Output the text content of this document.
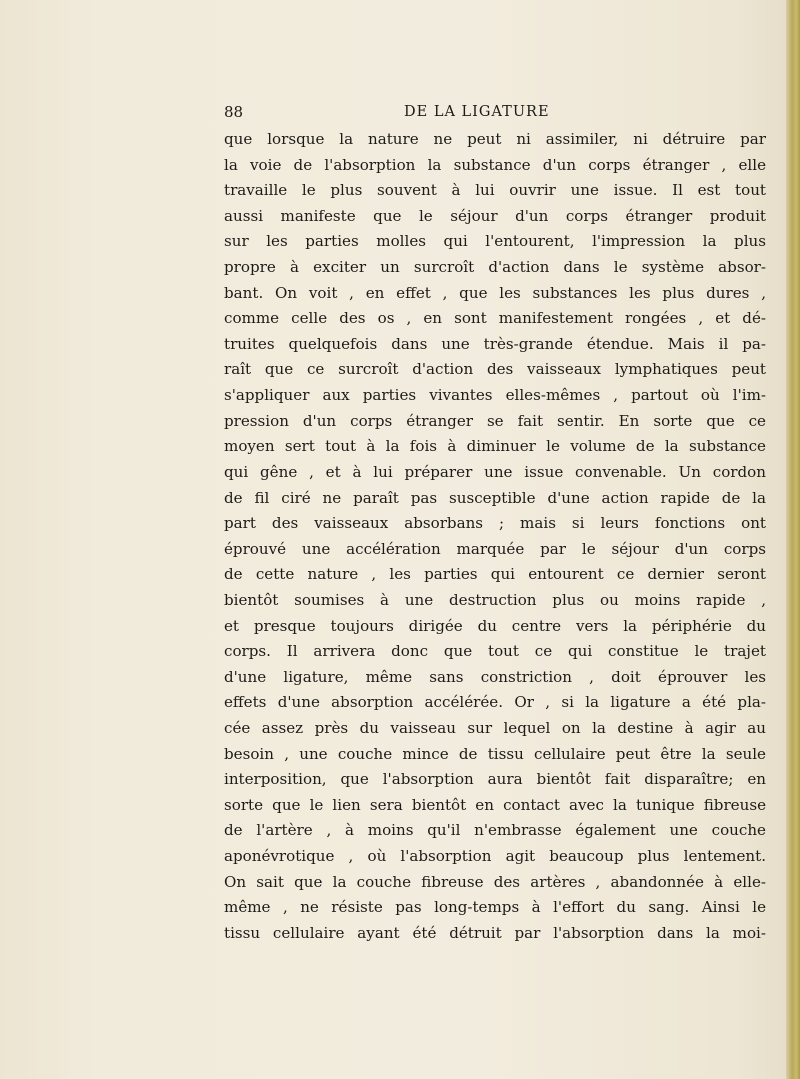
88	DE LA LIGATURE
que lorsque la nature ne peut ni assimiler, ni détruire par
la voie de l'absorption la substance d'un corps étranger , elle
travaille le plus souvent à lui ouvrir une issue. Il est tout
aussi manifeste que le séjour d'un corps étranger produit
sur les parties molles qui l'entourent, l'impression la plus
propre à exciter un surcroît d'action dans le système absor-
bant. On voit , en effet , que les substances les plus dures ,
comme celle des os , en sont manifestement rongées , et dé-
truites quelquefois dans une très-grande étendue. Mais il pa-
raît que ce surcroît d'action des vaisseaux lymphatiques peut
s'appliquer aux parties vivantes elles-mêmes , partout où l'im-
pression d'un corps étranger se fait sentir. En sorte que ce
moyen sert tout à la fois à diminuer le volume de la substance
qui gêne , et à lui préparer une issue convenable. Un cordon
de fil ciré ne paraît pas susceptible d'une action rapide de la
part des vaisseaux absorbans ; mais si leurs fonctions ont
éprouvé une accélération marquée par le séjour d'un corps
de cette nature , les parties qui entourent ce dernier seront
bientôt soumises à une destruction plus ou moins rapide ,
et presque toujours dirigée du centre vers la périphérie du
corps. Il arrivera donc que tout ce qui constitue le trajet
d'une ligature, même sans constriction , doit éprouver les
effets d'une absorption accélérée. Or , si la ligature a été pla-
cée assez près du vaisseau sur lequel on la destine à agir au
besoin , une couche mince de tissu cellulaire peut être la seule
interposition, que l'absorption aura bientôt fait disparaître; en
sorte que le lien sera bientôt en contact avec la tunique fibreuse
de l'artère , à moins qu'il n'embrasse également une couche
aponévrotique , où l'absorption agit beaucoup plus lentement.
On sait que la couche fibreuse des artères , abandonnée à elle-
même , ne résiste pas long-temps à l'effort du sang. Ainsi le
tissu cellulaire ayant été détruit par l'absorption dans la moi-
